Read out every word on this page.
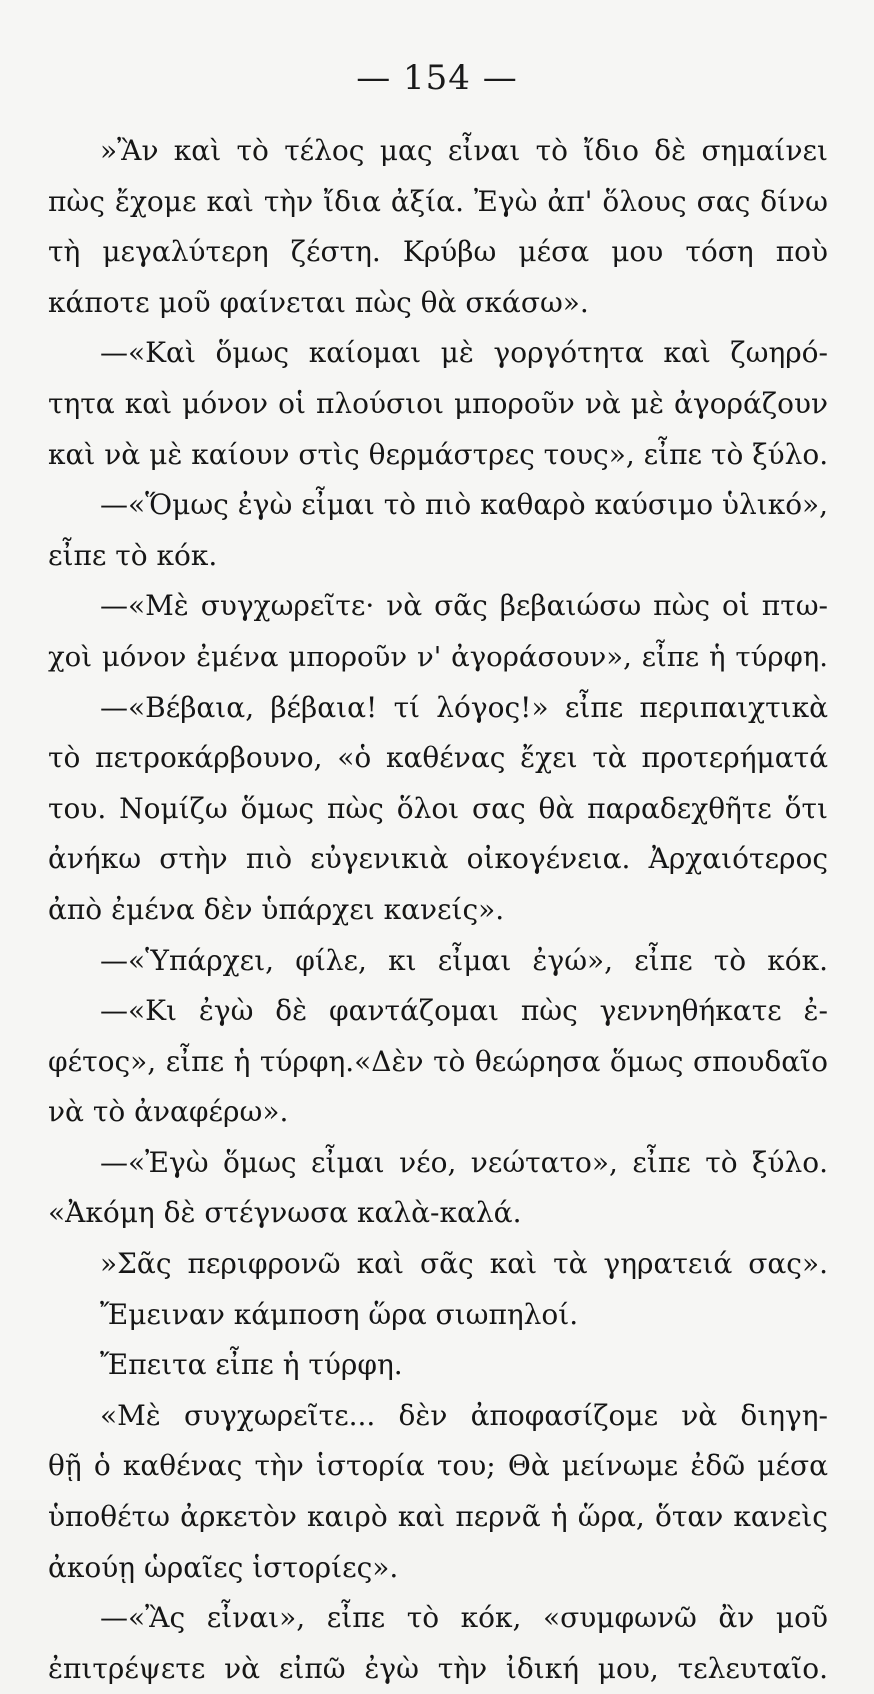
— 154 —
»Ἂν καὶ τὸ τέλος μας εἶναι τὸ ἴδιο δὲ σημαίνει
πὼς ἔχομε καὶ τὴν ἴδια ἀξία. Ἐγὼ ἀπ' ὅλους σας δίνω
τὴ μεγαλύτερη ζέστη. Κρύβω μέσα μου τόση ποὺ
κάποτε μοῦ φαίνεται πὼς θὰ σκάσω».
—«Καὶ ὅμως καίομαι μὲ γοργότητα καὶ ζωηρό-
τητα καὶ μόνον οἱ πλούσιοι μποροῦν νὰ μὲ ἀγοράζουν
καὶ νὰ μὲ καίουν στὶς θερμάστρες τους», εἶπε τὸ ξύλο.
—«Ὅμως ἐγὼ εἶμαι τὸ πιὸ καθαρὸ καύσιμο ὑλικό»,
εἶπε τὸ κόκ.
—«Μὲ συγχωρεῖτε· νὰ σᾶς βεβαιώσω πὼς οἱ πτω-
χοὶ μόνον ἐμένα μποροῦν ν' ἀγοράσουν», εἶπε ἡ τύρφη.
—«Βέβαια, βέβαια! τί λόγος!» εἶπε περιπαιχτικὰ
τὸ πετροκάρβουνο, «ὁ καθένας ἔχει τὰ προτερήματά
του. Νομίζω ὅμως πὼς ὅλοι σας θὰ παραδεχθῆτε ὅτι
ἀνήκω στὴν πιὸ εὐγενικιὰ οἰκογένεια. Ἀρχαιότερος
ἀπὸ ἐμένα δὲν ὑπάρχει κανείς».
—«Ὑπάρχει, φίλε, κι εἶμαι ἐγώ», εἶπε τὸ κόκ.
—«Κι ἐγὼ δὲ φαντάζομαι πὼς γεννηθήκατε ἐ-
φέτος», εἶπε ἡ τύρφη.«Δὲν τὸ θεώρησα ὅμως σπουδαῖο
νὰ τὸ ἀναφέρω».
—«Ἐγὼ ὅμως εἶμαι νέο, νεώτατο», εἶπε τὸ ξύλο.
«Ἀκόμη δὲ στέγνωσα καλὰ-καλά.
»Σᾶς περιφρονῶ καὶ σᾶς καὶ τὰ γηρατειά σας».
Ἔμειναν κάμποση ὥρα σιωπηλοί.
Ἔπειτα εἶπε ἡ τύρφη.
«Μὲ συγχωρεῖτε... δὲν ἀποφασίζομε νὰ διηγη-
θῇ ὁ καθένας τὴν ἱστορία του; Θὰ μείνωμε ἐδῶ μέσα
ὑποθέτω ἀρκετὸν καιρὸ καὶ περνᾶ ἡ ὥρα, ὅταν κανεὶς
ἀκούῃ ὡραῖες ἱστορίες».
—«Ἂς εἶναι», εἶπε τὸ κόκ, «συμφωνῶ ἂν μοῦ
ἐπιτρέψετε νὰ εἰπῶ ἐγὼ τὴν ἰδική μου, τελευταῖο.
